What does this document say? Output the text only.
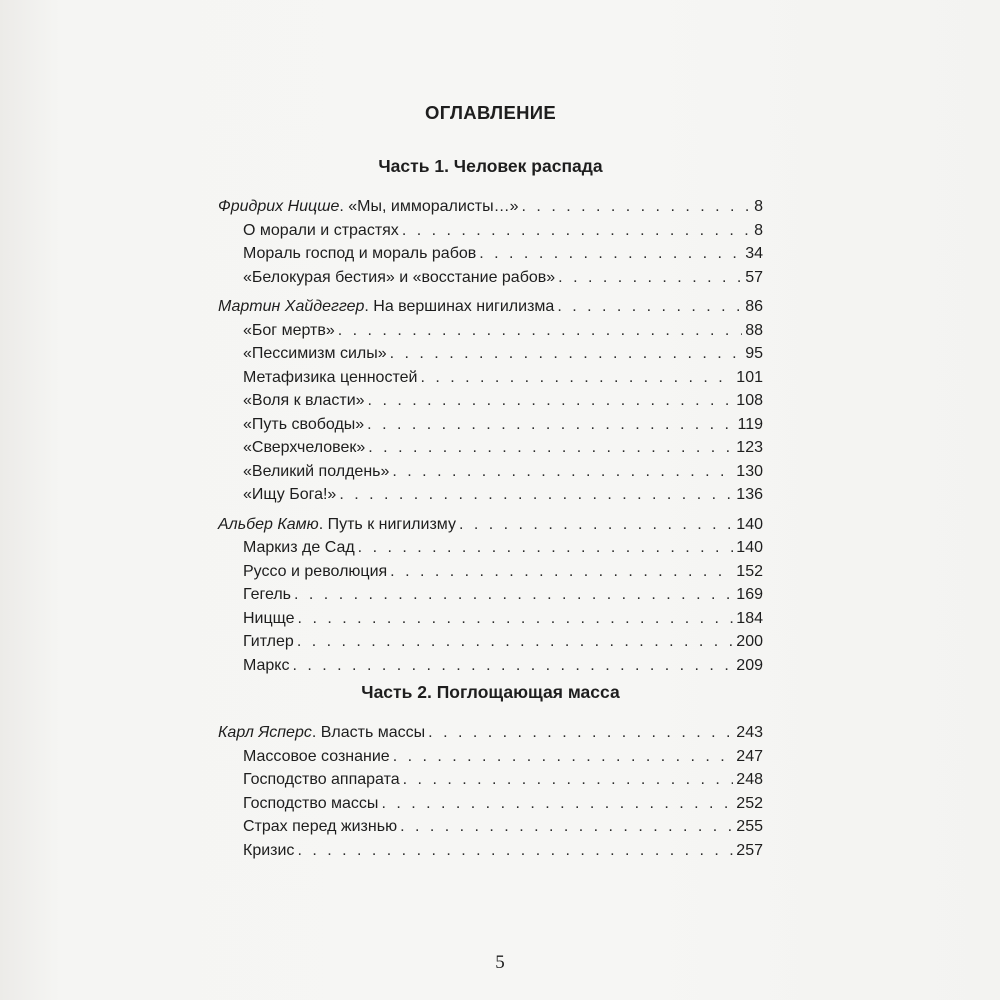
ОГЛАВЛЕНИЕ
Часть 1. Человек распада
Фридрих Ницше. «Мы, имморалисты…» . . .	8
О морали и страстях . . .	8
Мораль господ и мораль рабов . . .	34
«Белокурая бестия» и «восстание рабов» . . .	57
Мартин Хайдеггер. На вершинах нигилизма . . .	86
«Бог мертв» . . .	88
«Пессимизм силы» . . .	95
Метафизика ценностей . . .	101
«Воля к власти» . . .	108
«Путь свободы» . . .	119
«Сверхчеловек» . . .	123
«Великий полдень» . . .	130
«Ищу Бога!» . . .	136
Альбер Камю. Путь к нигилизму . . .	140
Маркиз де Сад . . .	140
Руссо и революция . . .	152
Гегель . . .	169
Ницще . . .	184
Гитлер . . .	200
Маркс . . .	209
Часть 2. Поглощающая масса
Карл Ясперс. Власть массы . . .	243
Массовое сознание . . .	247
Господство аппарата . . .	248
Господство массы . . .	252
Страх перед жизнью . . .	255
Кризис . . .	257
5
